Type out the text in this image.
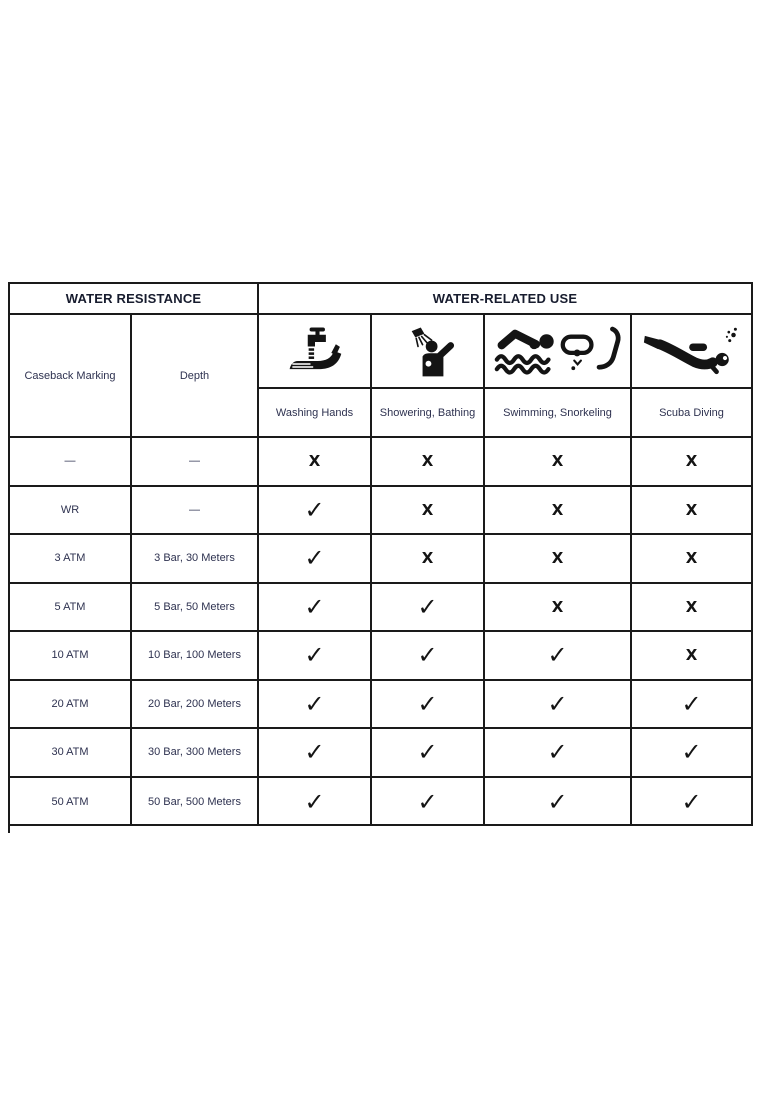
WATER RESISTANCE	WATER-RELATED USE
Caseback Marking	Depth
Washing Hands	Showering, Bathing	Swimming, Snorkeling	Scuba Diving
—	—	X	X	X	X
WR	—	✓	X	X	X
3 ATM	3 Bar, 30 Meters	✓	X	X	X
5 ATM	5 Bar, 50 Meters	✓	✓	X	X
10 ATM	10 Bar, 100 Meters	✓	✓	✓	X
20 ATM	20 Bar, 200 Meters	✓	✓	✓	✓
30 ATM	30 Bar, 300 Meters	✓	✓	✓	✓
50 ATM	50 Bar, 500 Meters	✓	✓	✓	✓
